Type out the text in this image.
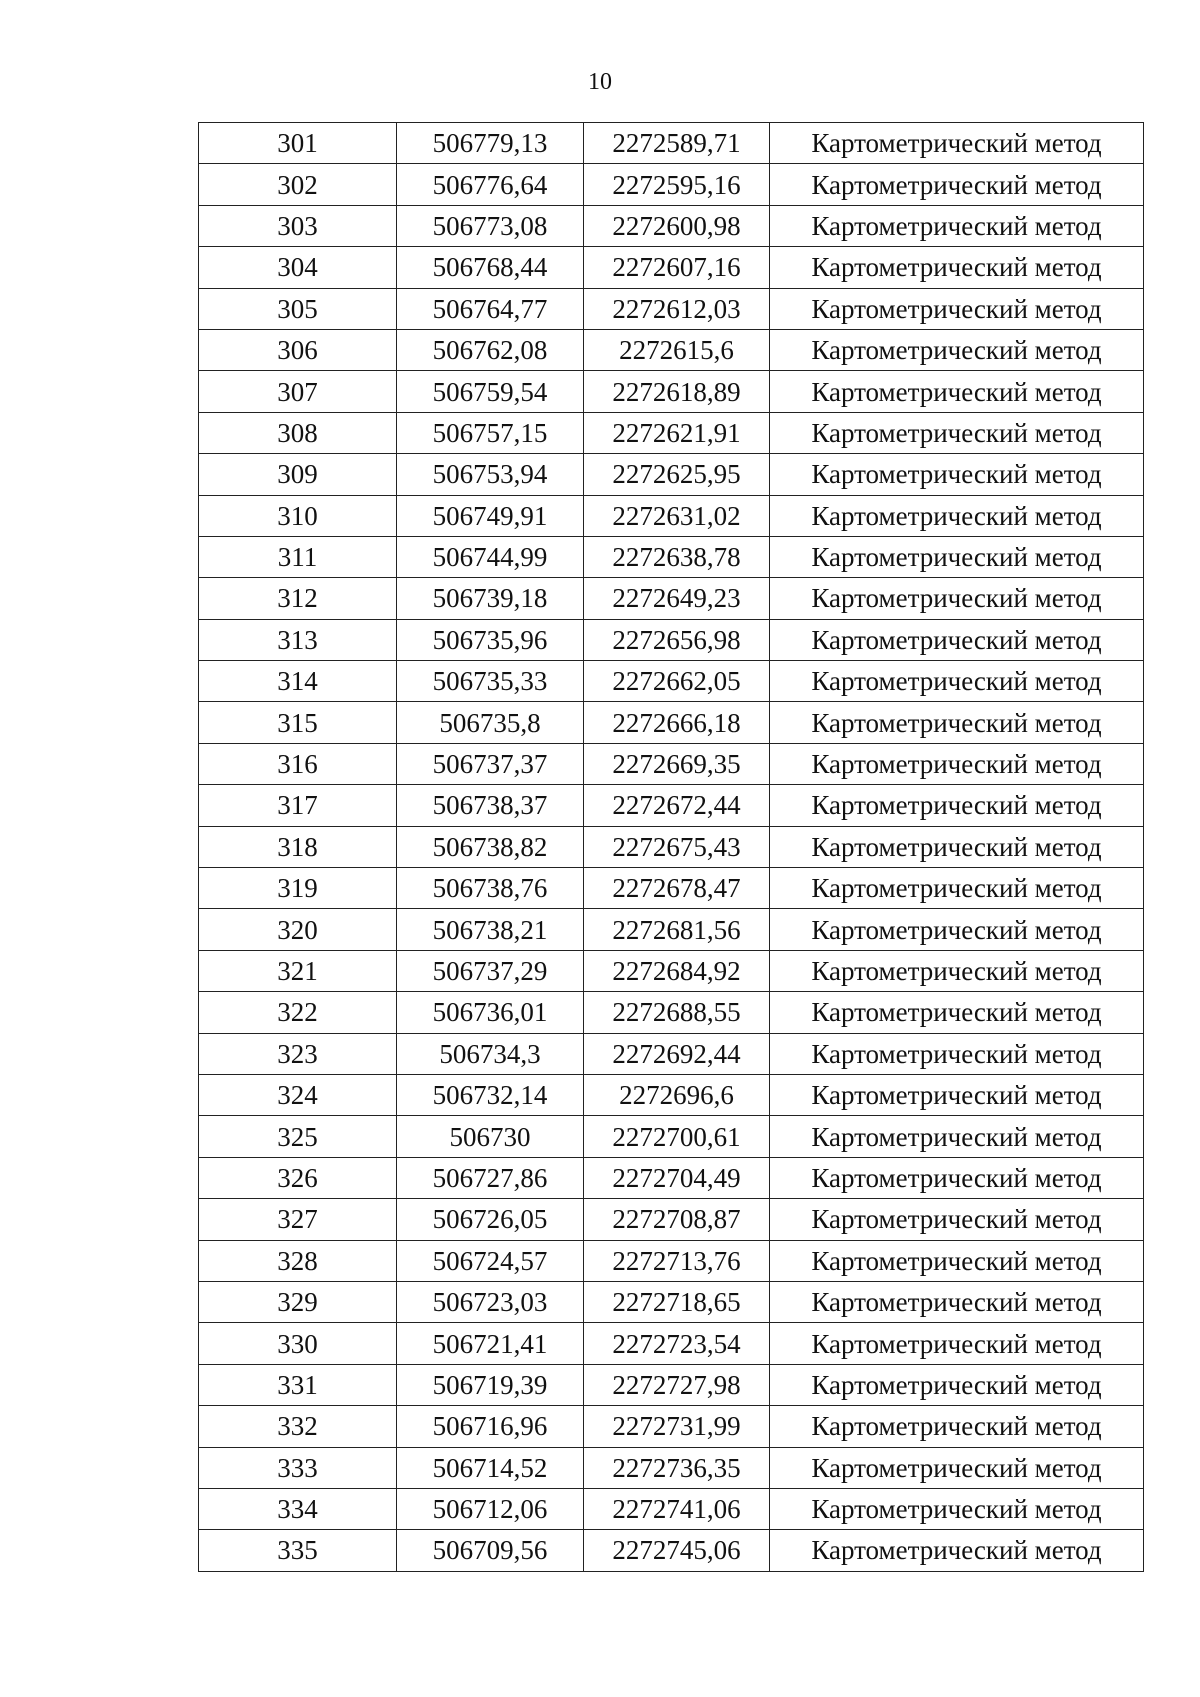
10
301	506779,13	2272589,71	Картометрический метод
302	506776,64	2272595,16	Картометрический метод
303	506773,08	2272600,98	Картометрический метод
304	506768,44	2272607,16	Картометрический метод
305	506764,77	2272612,03	Картометрический метод
306	506762,08	2272615,6	Картометрический метод
307	506759,54	2272618,89	Картометрический метод
308	506757,15	2272621,91	Картометрический метод
309	506753,94	2272625,95	Картометрический метод
310	506749,91	2272631,02	Картометрический метод
311	506744,99	2272638,78	Картометрический метод
312	506739,18	2272649,23	Картометрический метод
313	506735,96	2272656,98	Картометрический метод
314	506735,33	2272662,05	Картометрический метод
315	506735,8	2272666,18	Картометрический метод
316	506737,37	2272669,35	Картометрический метод
317	506738,37	2272672,44	Картометрический метод
318	506738,82	2272675,43	Картометрический метод
319	506738,76	2272678,47	Картометрический метод
320	506738,21	2272681,56	Картометрический метод
321	506737,29	2272684,92	Картометрический метод
322	506736,01	2272688,55	Картометрический метод
323	506734,3	2272692,44	Картометрический метод
324	506732,14	2272696,6	Картометрический метод
325	506730	2272700,61	Картометрический метод
326	506727,86	2272704,49	Картометрический метод
327	506726,05	2272708,87	Картометрический метод
328	506724,57	2272713,76	Картометрический метод
329	506723,03	2272718,65	Картометрический метод
330	506721,41	2272723,54	Картометрический метод
331	506719,39	2272727,98	Картометрический метод
332	506716,96	2272731,99	Картометрический метод
333	506714,52	2272736,35	Картометрический метод
334	506712,06	2272741,06	Картометрический метод
335	506709,56	2272745,06	Картометрический метод
